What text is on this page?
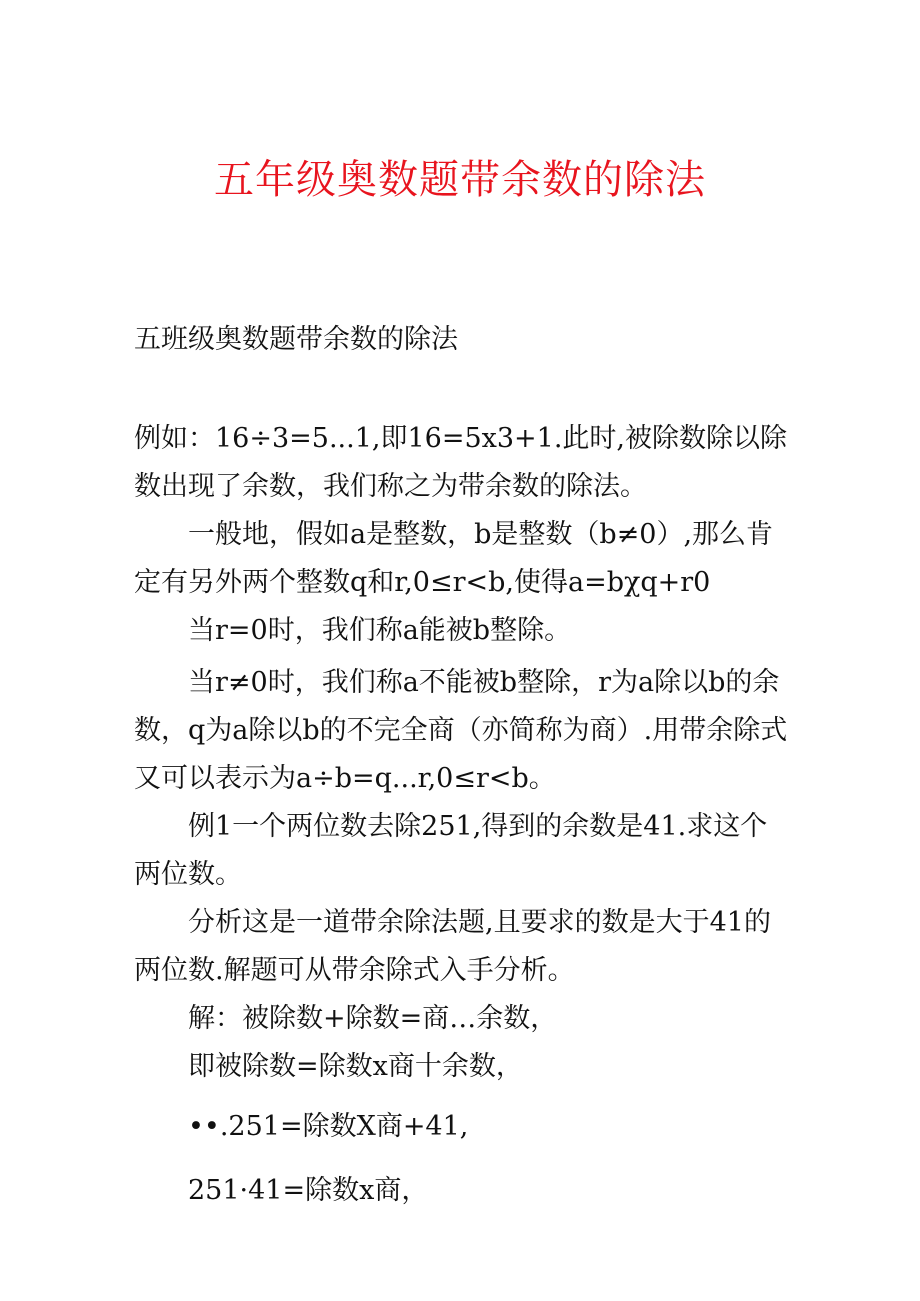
五年级奥数题带余数的除法
五班级奥数题带余数的除法

例如：16÷3=5...1,即16=5x3+1.此时,被除数除以除数出现了余数，我们称之为带余数的除法。

一般地，假如a是整数，b是整数（b≠0）,那么肯定有另外两个整数q和r,0≤r<b,使得a=bχq+r0

当r=0时，我们称a能被b整除。

当r≠0时，我们称a不能被b整除，r为a除以b的余数，q为a除以b的不完全商（亦简称为商）.用带余除式又可以表示为a÷b=q...r,0≤r<b。

例1一个两位数去除251,得到的余数是41.求这个两位数。

分析这是一道带余除法题,且要求的数是大于41的两位数.解题可从带余除式入手分析。

解：被除数+除数=商…余数，

即被除数=除数x商十余数，

••.251=除数X商+41,

251·41=除数x商，
